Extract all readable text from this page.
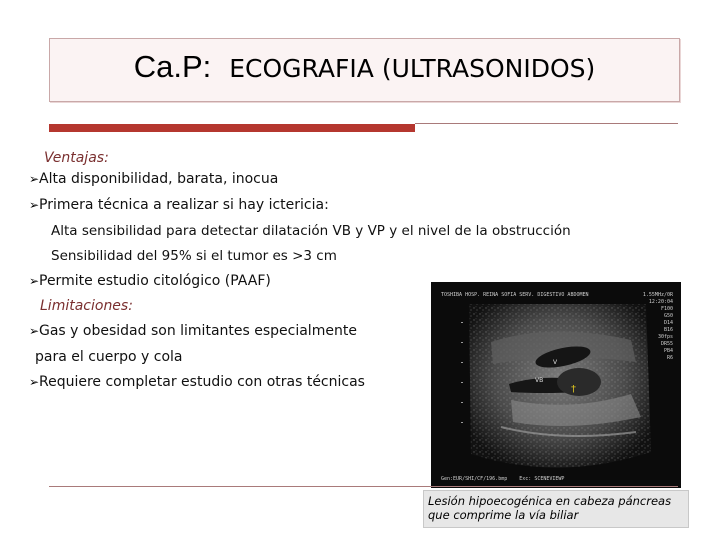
Ca.P: ECOGRAFIA (ULTRASONIDOS)
Ventajas:
➢Alta disponibilidad, barata, inocua
➢Primera técnica a realizar si hay ictericia:
Alta sensibilidad para detectar dilatación VB y VP y el nivel de la obstrucción
Sensibilidad del 95% si el tumor es >3 cm
➢Permite estudio citológico (PAAF)
Limitaciones:
➢Gas y obesidad son limitantes especialmente
para el cuerpo y cola
➢Requiere completar estudio con otras técnicas	†
V
VB
TOSHIBA HOSP. REINA SOFIA SERV. DIGESTIVO ABDOMEN	1.55MHz/0R
12:20:04
F100
G50
D14
B16
30fps
DR55
PB4
R6
Gen:EUR/SHI/CF/196.bmp Exc: SCENEVIEWP
Lesión hipoecogénica en cabeza páncreas
que comprime la vía biliar
